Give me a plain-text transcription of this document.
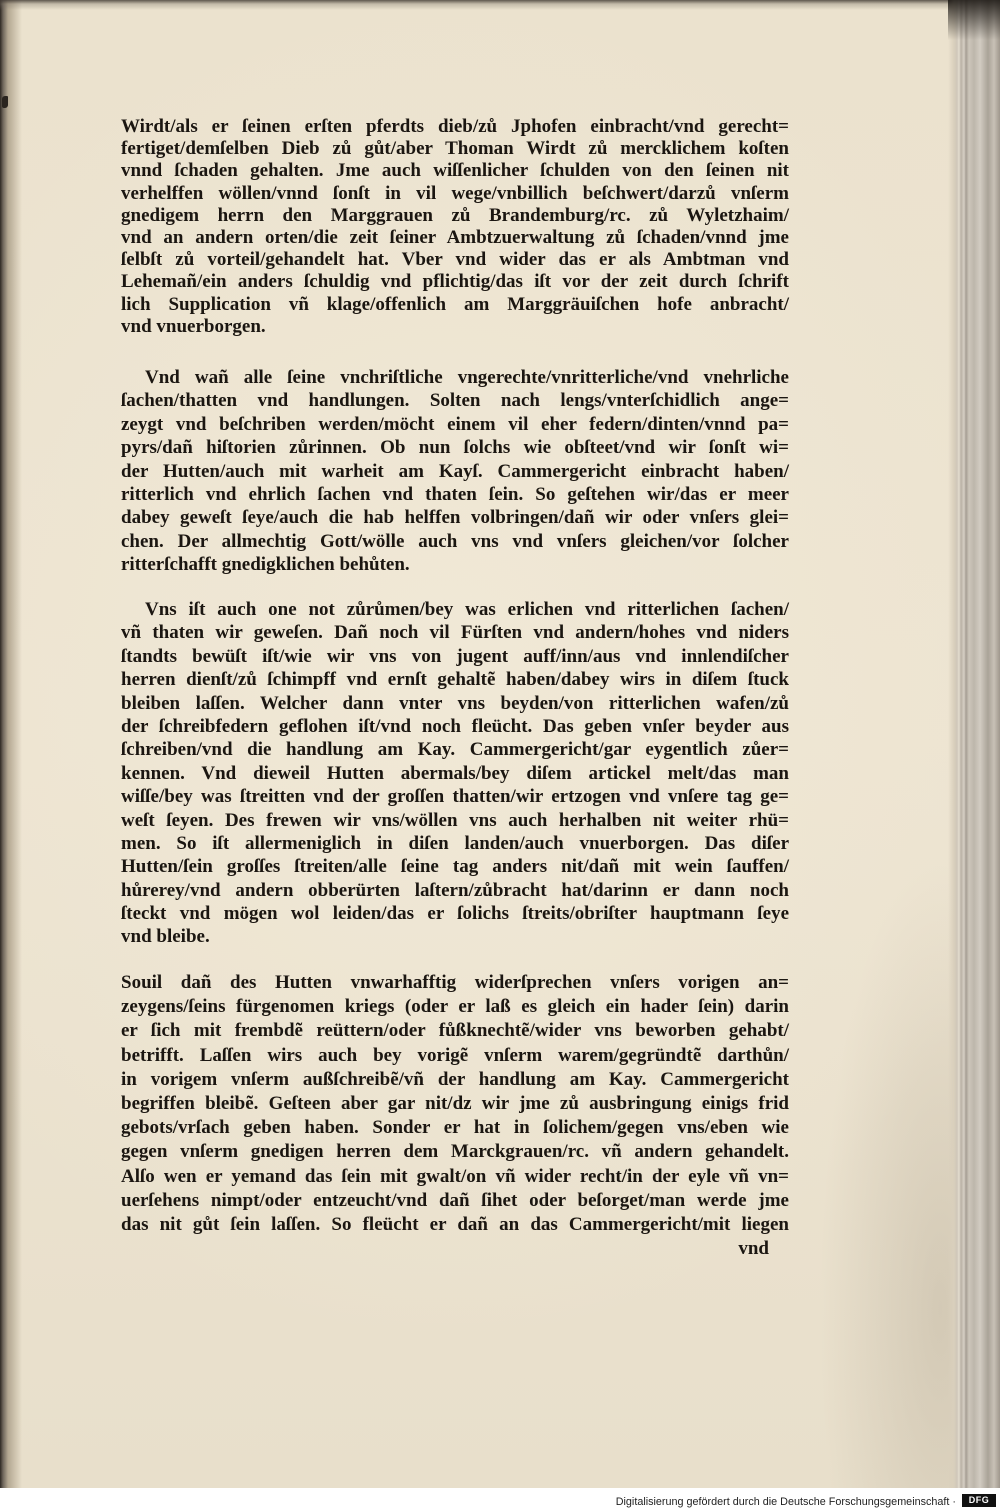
Wirdt/als er ſeinen erſten pferdts dieb/zů Jphofen einbracht/vnd gerecht=
fertiget/demſelben Dieb zů gůt/aber Thoman Wirdt zů mercklichem koſten
vnnd ſchaden gehalten. Jme auch wiſſenlicher ſchulden von den ſeinen nit
verhelffen wöllen/vnnd ſonſt in vil wege/vnbillich beſchwert/darzů vnſerm
gnedigem herrn den Marggrauen zů Brandemburg/rc. zů Wyletzhaim/
vnd an andern orten/die zeit ſeiner Ambtzuerwaltung zů ſchaden/vnnd jme
ſelbſt zů vorteil/gehandelt hat. Vber vnd wider das er als Ambtman vnd
Lehemañ/ein anders ſchuldig vnd pflichtig/das iſt vor der zeit durch ſchrift
lich Supplication vñ klage/offenlich am Marggräuiſchen hofe anbracht/
vnd vnuerborgen.
Vnd wañ alle ſeine vnchriſtliche vngerechte/vnritterliche/vnd vnehrliche
ſachen/thatten vnd handlungen. Solten nach lengs/vnterſchidlich ange=
zeygt vnd beſchriben werden/möcht einem vil eher federn/dinten/vnnd pa=
pyrs/dañ hiſtorien zůrinnen. Ob nun ſolchs wie obſteet/vnd wir ſonſt wi=
der Hutten/auch mit warheit am Kayſ. Cammergericht einbracht haben/
ritterlich vnd ehrlich ſachen vnd thaten ſein. So geſtehen wir/das er meer
dabey geweſt ſeye/auch die hab helffen volbringen/dañ wir oder vnſers glei=
chen. Der allmechtig Gott/wölle auch vns vnd vnſers gleichen/vor ſolcher
ritterſchafft gnedigklichen behůten.
Vns iſt auch one not zůrůmen/bey was erlichen vnd ritterlichen ſachen/
vñ thaten wir geweſen. Dañ noch vil Fürſten vnd andern/hohes vnd niders
ſtandts bewüſt iſt/wie wir vns von jugent auff/inn/aus vnd innlendiſcher
herren dienſt/zů ſchimpff vnd ernſt gehaltẽ haben/dabey wirs in diſem ſtuck
bleiben laſſen. Welcher dann vnter vns beyden/von ritterlichen wafen/zů
der ſchreibfedern geflohen iſt/vnd noch fleücht. Das geben vnſer beyder aus
ſchreiben/vnd die handlung am Kay. Cammergericht/gar eygentlich zůer=
kennen. Vnd dieweil Hutten abermals/bey diſem artickel melt/das man
wiſſe/bey was ſtreitten vnd der groſſen thatten/wir ertzogen vnd vnſere tag ge=
weſt ſeyen. Des frewen wir vns/wöllen vns auch herhalben nit weiter rhü=
men. So iſt allermeniglich in diſen landen/auch vnuerborgen. Das diſer
Hutten/ſein groſſes ſtreiten/alle ſeine tag anders nit/dañ mit wein ſauffen/
hůrerey/vnd andern obberürten laſtern/zůbracht hat/darinn er dann noch
ſteckt vnd mögen wol leiden/das er ſolichs ſtreits/obriſter hauptmann ſeye
vnd bleibe.
Souil dañ des Hutten vnwarhafftig widerſprechen vnſers vorigen an=
zeygens/ſeins fürgenomen kriegs (oder er laß es gleich ein hader ſein) darin
er ſich mit frembdẽ reüttern/oder fůßknechtẽ/wider vns beworben gehabt/
betrifft. Laſſen wirs auch bey vorigẽ vnſerm warem/gegründtẽ darthůn/
in vorigem vnſerm außſchreibẽ/vñ der handlung am Kay. Cammergericht
begriffen bleibẽ. Geſteen aber gar nit/dz wir jme zů ausbringung einigs frid
gebots/vrſach geben haben. Sonder er hat in ſolichem/gegen vns/eben wie
gegen vnſerm gnedigen herren dem Marckgrauen/rc. vñ andern gehandelt.
Alſo wen er yemand das ſein mit gwalt/on vñ wider recht/in der eyle vñ vn=
uerſehens nimpt/oder entzeucht/vnd dañ ſihet oder beſorget/man werde jme
das nit gůt ſein laſſen. So fleücht er dañ an das Cammergericht/mit liegen
vnd
Digitalisierung gefördert durch die Deutsche Forschungsgemeinschaft ·	DFG
